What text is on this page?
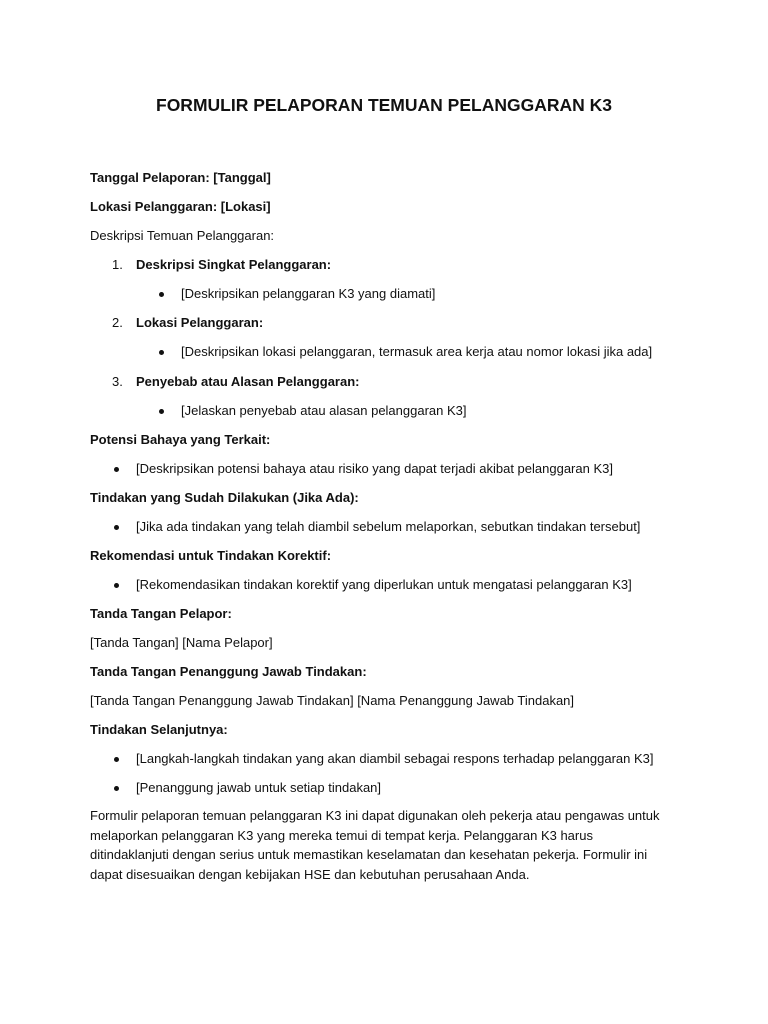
FORMULIR PELAPORAN TEMUAN PELANGGARAN K3
Tanggal Pelaporan: [Tanggal]
Lokasi Pelanggaran: [Lokasi]
Deskripsi Temuan Pelanggaran:
1. Deskripsi Singkat Pelanggaran:
[Deskripsikan pelanggaran K3 yang diamati]
2. Lokasi Pelanggaran:
[Deskripsikan lokasi pelanggaran, termasuk area kerja atau nomor lokasi jika ada]
3. Penyebab atau Alasan Pelanggaran:
[Jelaskan penyebab atau alasan pelanggaran K3]
Potensi Bahaya yang Terkait:
[Deskripsikan potensi bahaya atau risiko yang dapat terjadi akibat pelanggaran K3]
Tindakan yang Sudah Dilakukan (Jika Ada):
[Jika ada tindakan yang telah diambil sebelum melaporkan, sebutkan tindakan tersebut]
Rekomendasi untuk Tindakan Korektif:
[Rekomendasikan tindakan korektif yang diperlukan untuk mengatasi pelanggaran K3]
Tanda Tangan Pelapor:
[Tanda Tangan] [Nama Pelapor]
Tanda Tangan Penanggung Jawab Tindakan:
[Tanda Tangan Penanggung Jawab Tindakan] [Nama Penanggung Jawab Tindakan]
Tindakan Selanjutnya:
[Langkah-langkah tindakan yang akan diambil sebagai respons terhadap pelanggaran K3]
[Penanggung jawab untuk setiap tindakan]
Formulir pelaporan temuan pelanggaran K3 ini dapat digunakan oleh pekerja atau pengawas untuk melaporkan pelanggaran K3 yang mereka temui di tempat kerja. Pelanggaran K3 harus ditindaklanjuti dengan serius untuk memastikan keselamatan dan kesehatan pekerja. Formulir ini dapat disesuaikan dengan kebijakan HSE dan kebutuhan perusahaan Anda.
